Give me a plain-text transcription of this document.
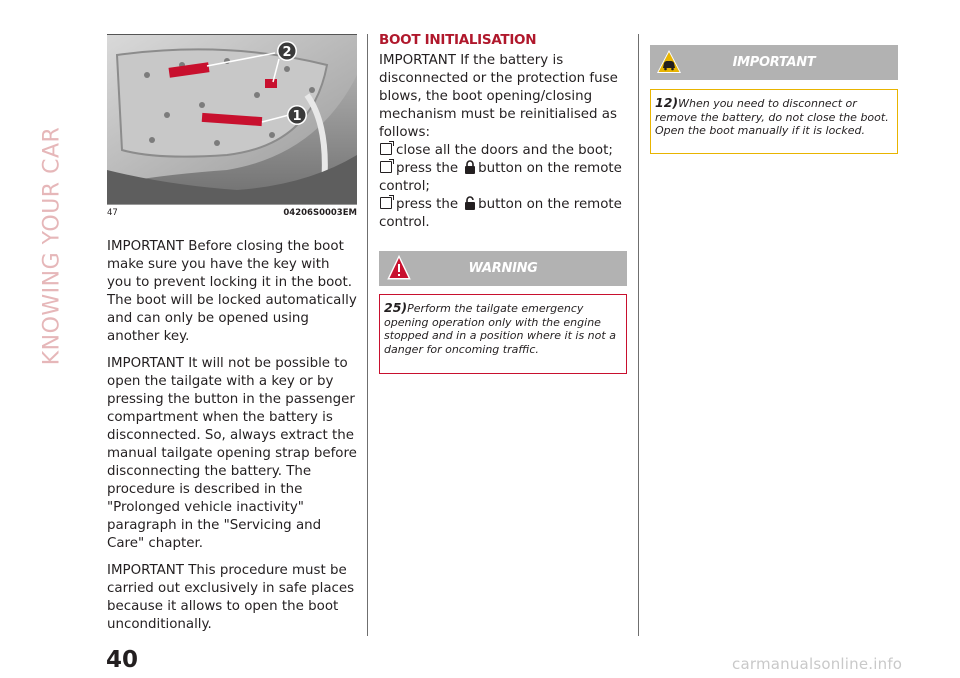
KNOWING YOUR CAR
2
1
47	04206S0003EM

IMPORTANT Before closing the boot make sure you have the key with you to prevent locking it in the boot. The boot will be locked automatically and can only be opened using another key.

IMPORTANT It will not be possible to open the tailgate with a key or by pressing the button in the passenger compartment when the battery is disconnected. So, always extract the manual tailgate opening strap before disconnecting the battery. The procedure is described in the "Prolonged vehicle inactivity" paragraph in the "Servicing and Care" chapter.

IMPORTANT This procedure must be carried out exclusively in safe places because it allows to open the boot unconditionally.

BOOT INITIALISATION
IMPORTANT If the battery is disconnected or the protection fuse blows, the boot opening/closing mechanism must be reinitialised as follows:
close all the doors and the boot;
press the button on the remote control;
press the button on the remote control.
WARNING
25)Perform the tailgate emergency opening operation only with the engine stopped and in a position where it is not a danger for oncoming traffic.
IMPORTANT
12)When you need to disconnect or remove the battery, do not close the boot. Open the boot manually if it is locked.
40	carmanualsonline.info
